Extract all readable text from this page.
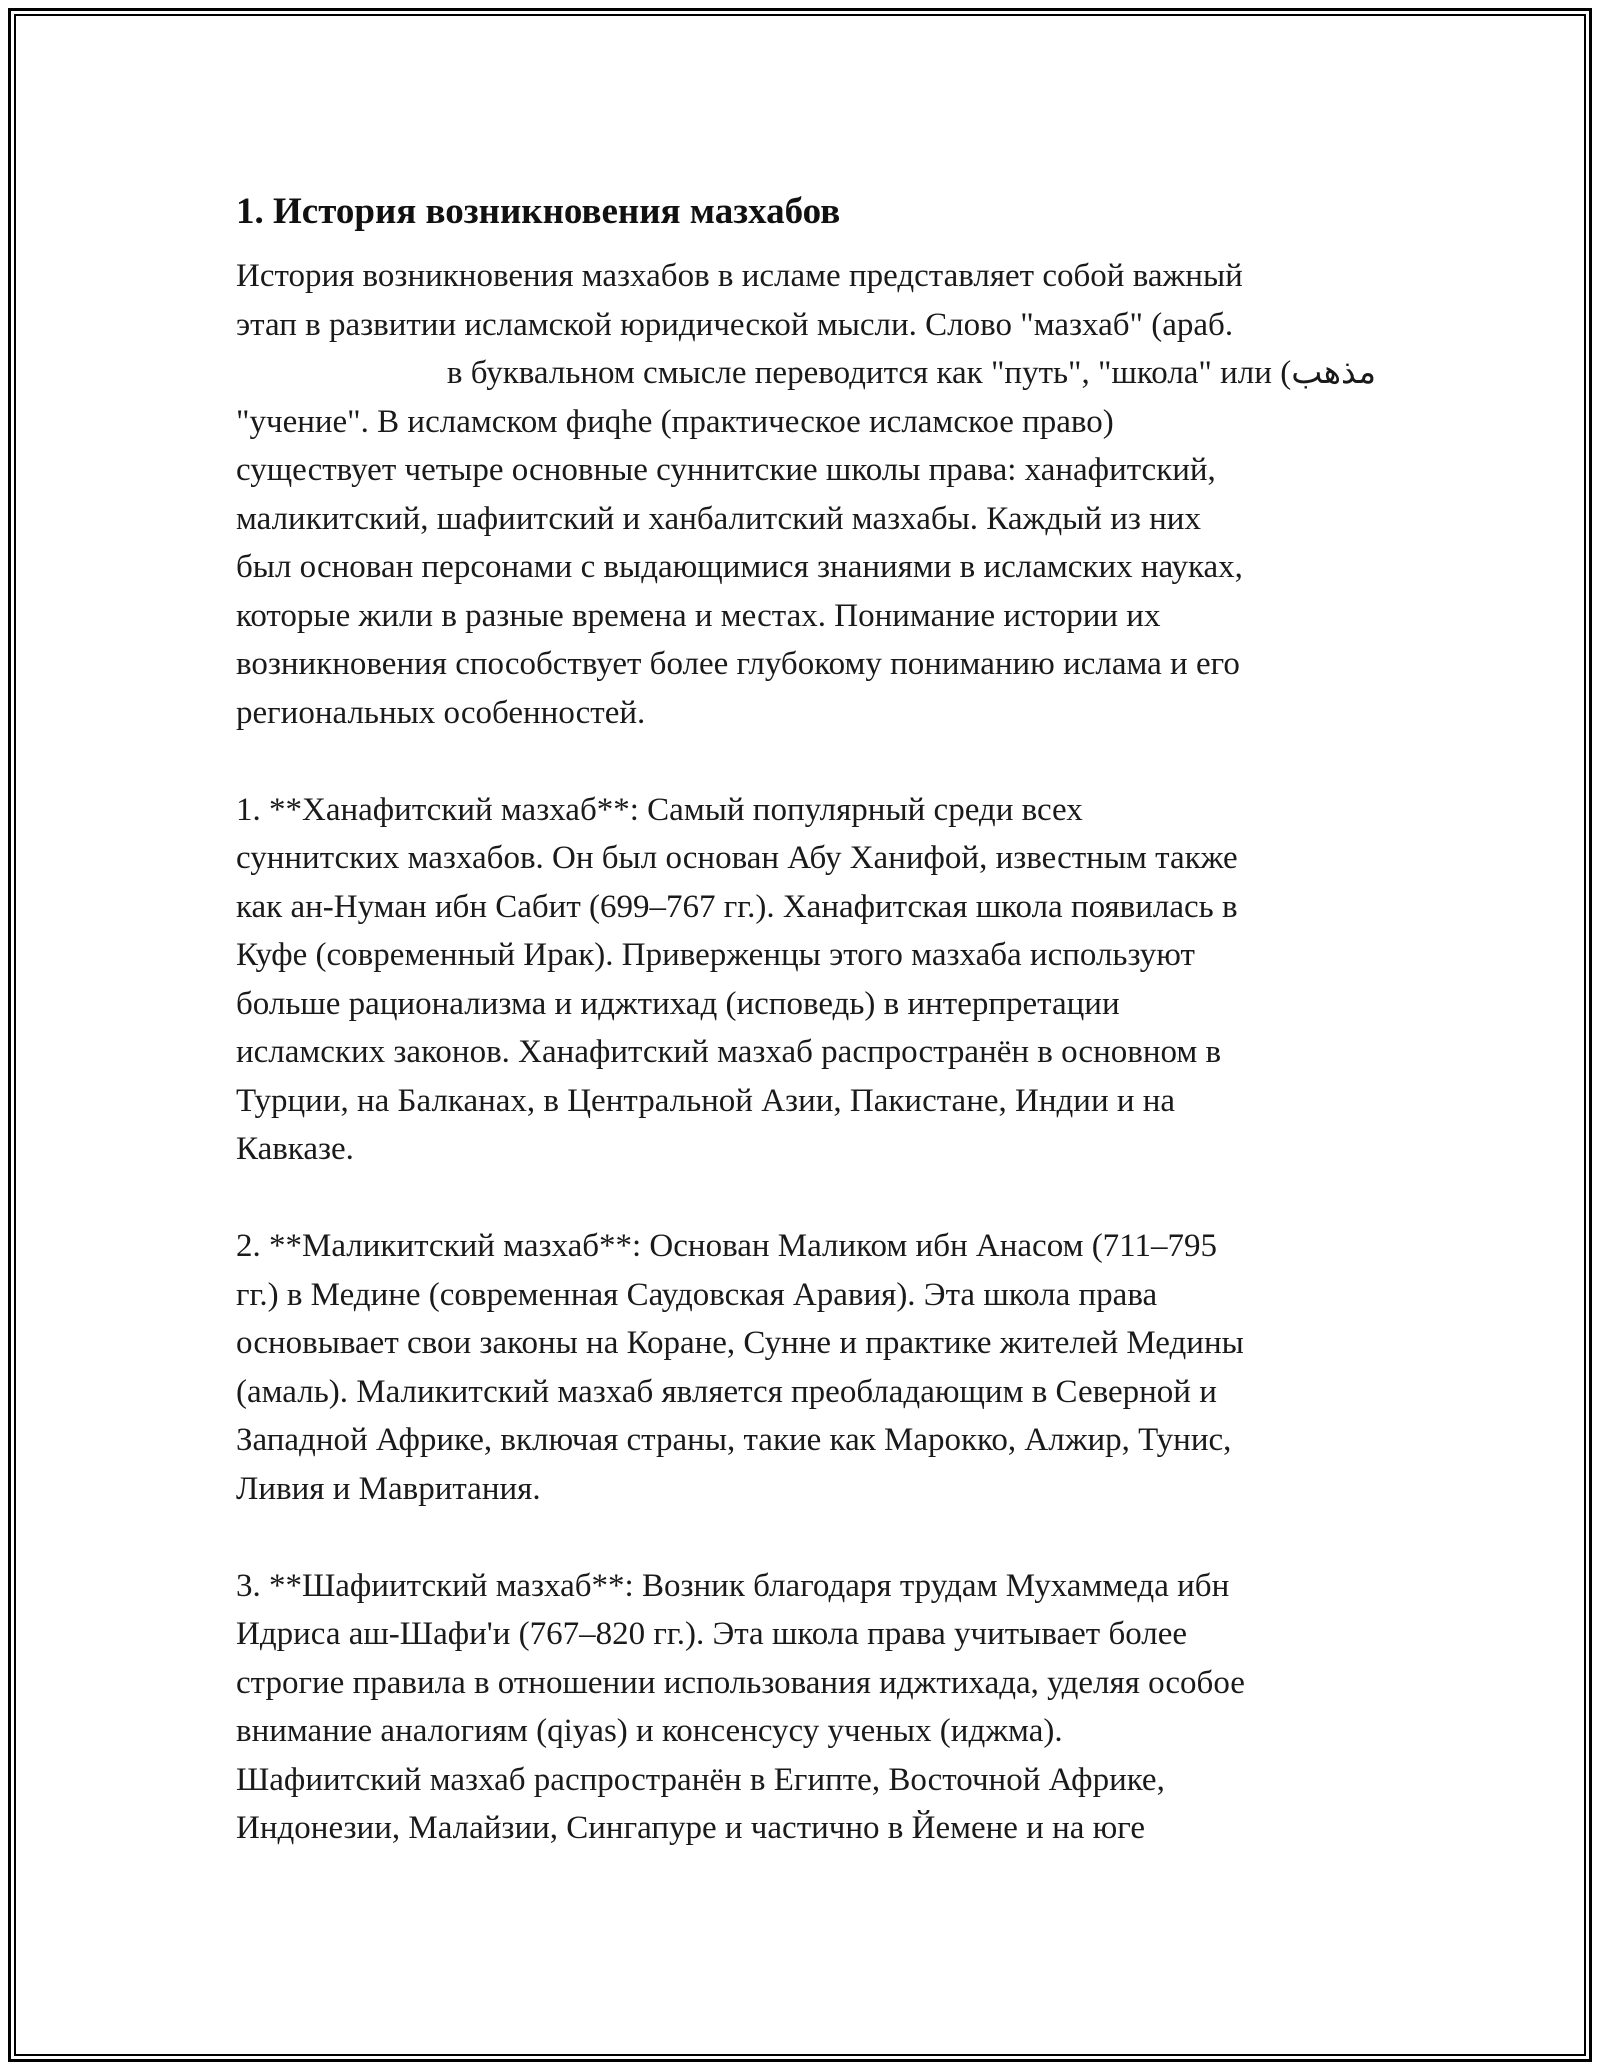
1. История возникновения мазхабов
История возникновения мазхабов в исламе представляет собой важный
этап в развитии исламской юридической мысли. Слово "мазхаб" (араб.
مذهب) в буквальном смысле переводится как "путь", "школа" или
"учение". В исламском фиqhe (практическое исламское право)
существует четыре основные суннитские школы права: ханафитский,
маликитский, шафиитский и ханбалитский мазхабы. Каждый из них
был основан персонами с выдающимися знаниями в исламских науках,
которые жили в разные времена и местах. Понимание истории их
возникновения способствует более глубокому пониманию ислама и его
региональных особенностей.
1. **Ханафитский мазхаб**: Самый популярный среди всех
суннитских мазхабов. Он был основан Абу Ханифой, известным также
как ан-Нуман ибн Сабит (699–767 гг.). Ханафитская школа появилась в
Куфе (современный Ирак). Приверженцы этого мазхаба используют
больше рационализма и иджтихад (исповедь) в интерпретации
исламских законов. Ханафитский мазхаб распространён в основном в
Турции, на Балканах, в Центральной Азии, Пакистане, Индии и на
Кавказе.
2. **Маликитский мазхаб**: Основан Маликом ибн Анасом (711–795
гг.) в Медине (современная Саудовская Аравия). Эта школа права
основывает свои законы на Коране, Сунне и практике жителей Медины
(амаль). Маликитский мазхаб является преобладающим в Северной и
Западной Африке, включая страны, такие как Марокко, Алжир, Тунис,
Ливия и Мавритания.
3. **Шафиитский мазхаб**: Возник благодаря трудам Мухаммеда ибн
Идриса аш-Шафи'и (767–820 гг.). Эта школа права учитывает более
строгие правила в отношении использования иджтихада, уделяя особое
внимание аналогиям (qiyas) и консенсусу ученых (иджма).
Шафиитский мазхаб распространён в Египте, Восточной Африке,
Индонезии, Малайзии, Сингапуре и частично в Йемене и на юге
